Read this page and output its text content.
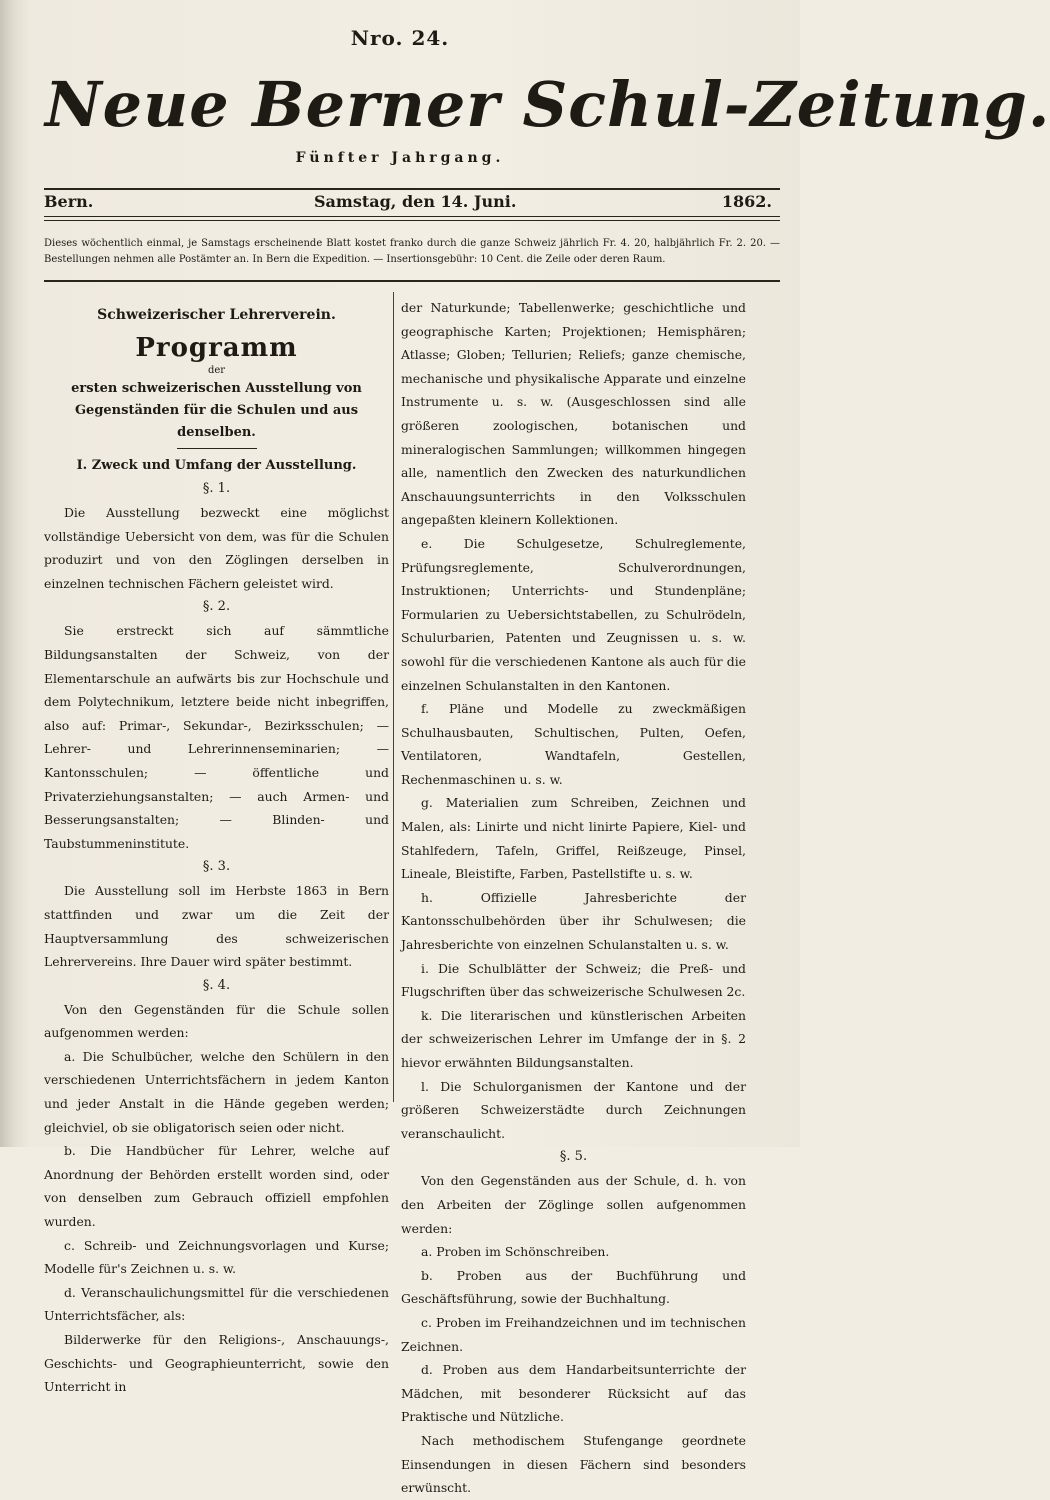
Nro. 24.
Neue Berner Schul-Zeitung.
Fünfter Jahrgang.
Bern.	Samstag, den 14. Juni.	1862.
Dieses wöchentlich einmal, je Samstags erscheinende Blatt kostet franko durch die ganze Schweiz jährlich Fr. 4. 20, halbjährlich Fr. 2. 20. — Bestellungen nehmen alle Postämter an. In Bern die Expedition. — Insertionsgebühr: 10 Cent. die Zeile oder deren Raum.
Schweizerischer Lehrerverein.
Programm
der
ersten schweizerischen Ausstellung von Gegenständen für die Schulen und aus denselben.
I. Zweck und Umfang der Ausstellung.
§. 1.

Die Ausstellung bezweckt eine möglichst vollständige Uebersicht von dem, was für die Schulen produzirt und von den Zöglingen derselben in einzelnen technischen Fächern geleistet wird.

§. 2.

Sie erstreckt sich auf sämmtliche Bildungsanstalten der Schweiz, von der Elementarschule an aufwärts bis zur Hochschule und dem Polytechnikum, letztere beide nicht inbegriffen, also auf: Primar-, Sekundar-, Bezirksschulen; — Lehrer- und Lehrerinnenseminarien; — Kantonsschulen; — öffentliche und Privaterziehungsanstalten; — auch Armen- und Besserungsanstalten; — Blinden- und Taubstummeninstitute.

§. 3.

Die Ausstellung soll im Herbste 1863 in Bern stattfinden und zwar um die Zeit der Hauptversammlung des schweizerischen Lehrervereins. Ihre Dauer wird später bestimmt.

§. 4.

Von den Gegenständen für die Schule sollen aufgenommen werden:

a. Die Schulbücher, welche den Schülern in den verschiedenen Unterrichtsfächern in jedem Kanton und jeder Anstalt in die Hände gegeben werden; gleichviel, ob sie obligatorisch seien oder nicht.

b. Die Handbücher für Lehrer, welche auf Anordnung der Behörden erstellt worden sind, oder von denselben zum Gebrauch offiziell empfohlen wurden.

c. Schreib- und Zeichnungsvorlagen und Kurse; Modelle für's Zeichnen u. s. w.

d. Veranschaulichungsmittel für die verschiedenen Unterrichtsfächer, als:

Bilderwerke für den Religions-, Anschauungs-, Geschichts- und Geographieunterricht, sowie den Unterricht in

der Naturkunde; Tabellenwerke; geschichtliche und geographische Karten; Projektionen; Hemisphären; Atlasse; Globen; Tellurien; Reliefs; ganze chemische, mechanische und physikalische Apparate und einzelne Instrumente u. s. w. (Ausgeschlossen sind alle größeren zoologischen, botanischen und mineralogischen Sammlungen; willkommen hingegen alle, namentlich den Zwecken des naturkundlichen Anschauungsunterrichts in den Volksschulen angepaßten kleinern Kollektionen.

e. Die Schulgesetze, Schulreglemente, Prüfungsreglemente, Schulverordnungen, Instruktionen; Unterrichts- und Stundenpläne; Formularien zu Uebersichtstabellen, zu Schulrödeln, Schulurbarien, Patenten und Zeugnissen u. s. w. sowohl für die verschiedenen Kantone als auch für die einzelnen Schulanstalten in den Kantonen.

f. Pläne und Modelle zu zweckmäßigen Schulhausbauten, Schultischen, Pulten, Oefen, Ventilatoren, Wandtafeln, Gestellen, Rechenmaschinen u. s. w.

g. Materialien zum Schreiben, Zeichnen und Malen, als: Linirte und nicht linirte Papiere, Kiel- und Stahlfedern, Tafeln, Griffel, Reißzeuge, Pinsel, Lineale, Bleistifte, Farben, Pastellstifte u. s. w.

h. Offizielle Jahresberichte der Kantonsschulbehörden über ihr Schulwesen; die Jahresberichte von einzelnen Schulanstalten u. s. w.

i. Die Schulblätter der Schweiz; die Preß- und Flugschriften über das schweizerische Schulwesen 2c.

k. Die literarischen und künstlerischen Arbeiten der schweizerischen Lehrer im Umfange der in §. 2 hievor erwähnten Bildungsanstalten.

l. Die Schulorganismen der Kantone und der größeren Schweizerstädte durch Zeichnungen veranschaulicht.

§. 5.

Von den Gegenständen aus der Schule, d. h. von den Arbeiten der Zöglinge sollen aufgenommen werden:

a. Proben im Schönschreiben.

b. Proben aus der Buchführung und Geschäftsführung, sowie der Buchhaltung.

c. Proben im Freihandzeichnen und im technischen Zeichnen.

d. Proben aus dem Handarbeitsunterrichte der Mädchen, mit besonderer Rücksicht auf das Praktische und Nützliche.

Nach methodischem Stufengange geordnete Einsendungen in diesen Fächern sind besonders erwünscht.
